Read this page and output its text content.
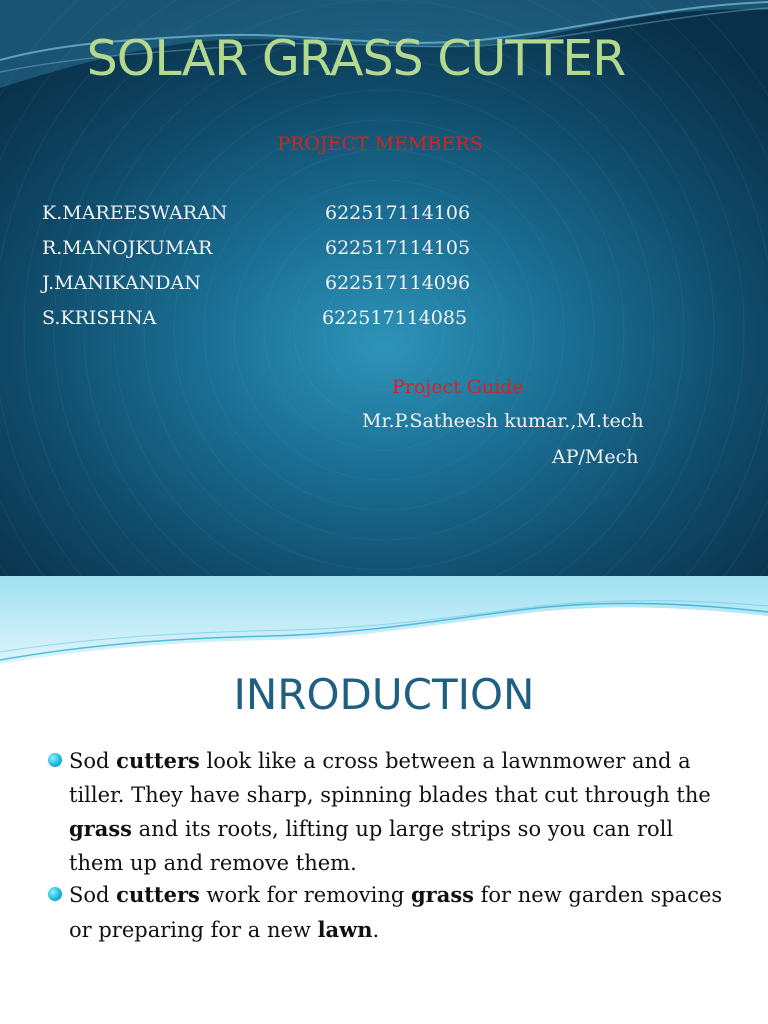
SOLAR GRASS CUTTER
PROJECT MEMBERS
K.MAREESWARAN	622517114106
R.MANOJKUMAR	622517114105
J.MANIKANDAN	622517114096
S.KRISHNA	622517114085
Project Guide
Mr.P.Satheesh kumar.,M.tech
AP/Mech
INRODUCTION
Sod cutters look like a cross between a lawnmower and a tiller. They have sharp, spinning blades that cut through the grass and its roots, lifting up large strips so you can roll them up and remove them.
Sod cutters work for removing grass for new garden spaces or preparing for a new lawn.
